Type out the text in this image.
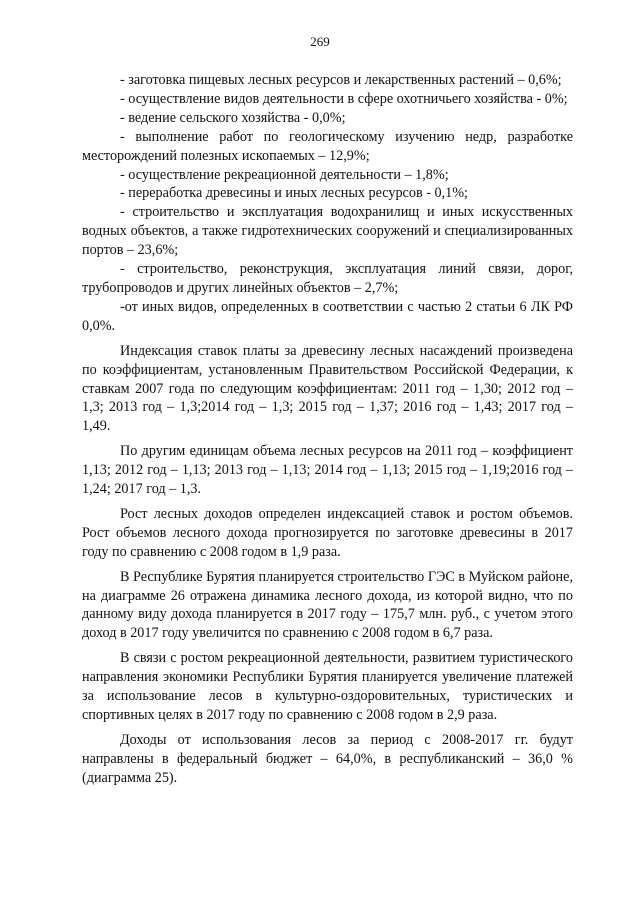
269

- заготовка пищевых лесных ресурсов и лекарственных растений – 0,6%;

- осуществление видов деятельности в сфере охотничьего хозяйства - 0%;

- ведение сельского хозяйства - 0,0%;

- выполнение работ по геологическому изучению недр, разработке месторождений полезных ископаемых – 12,9%;

- осуществление рекреационной деятельности – 1,8%;

- переработка древесины и иных лесных ресурсов - 0,1%;

- строительство и эксплуатация водохранилищ и иных искусственных водных объектов, а также гидротехнических сооружений и специализированных портов – 23,6%;

- строительство, реконструкция, эксплуатация линий связи, дорог, трубопроводов и других линейных объектов – 2,7%;

-от иных видов, определенных в соответствии с частью 2 статьи 6 ЛК РФ 0,0%.

Индексация ставок платы за древесину лесных насаждений произведена по коэффициентам, установленным Правительством Российской Федерации, к ставкам 2007 года по следующим коэффициентам: 2011 год – 1,30; 2012 год – 1,3; 2013 год – 1,3;2014 год – 1,3; 2015 год – 1,37; 2016 год – 1,43; 2017 год – 1,49.

По другим единицам объема лесных ресурсов на 2011 год – коэффициент 1,13; 2012 год – 1,13; 2013 год – 1,13; 2014 год – 1,13; 2015 год – 1,19;2016 год – 1,24; 2017 год – 1,3.

Рост лесных доходов определен индексацией ставок и ростом объемов. Рост объемов лесного дохода прогнозируется по заготовке древесины в 2017 году по сравнению с 2008 годом в 1,9 раза.

В Республике Бурятия планируется строительство ГЭС в Муйском районе, на диаграмме 26 отражена динамика лесного дохода, из которой видно, что по данному виду дохода планируется в 2017 году – 175,7 млн. руб., с учетом этого доход в 2017 году увеличится по сравнению с 2008 годом в 6,7 раза.

В связи с ростом рекреационной деятельности, развитием туристического направления экономики Республики Бурятия планируется увеличение платежей за использование лесов в культурно-оздоровительных, туристических и спортивных целях в 2017 году по сравнению с 2008 годом в 2,9 раза.

Доходы от использования лесов за период с 2008-2017 гг. будут направлены в федеральный бюджет – 64,0%, в республиканский – 36,0 % (диаграмма 25).
